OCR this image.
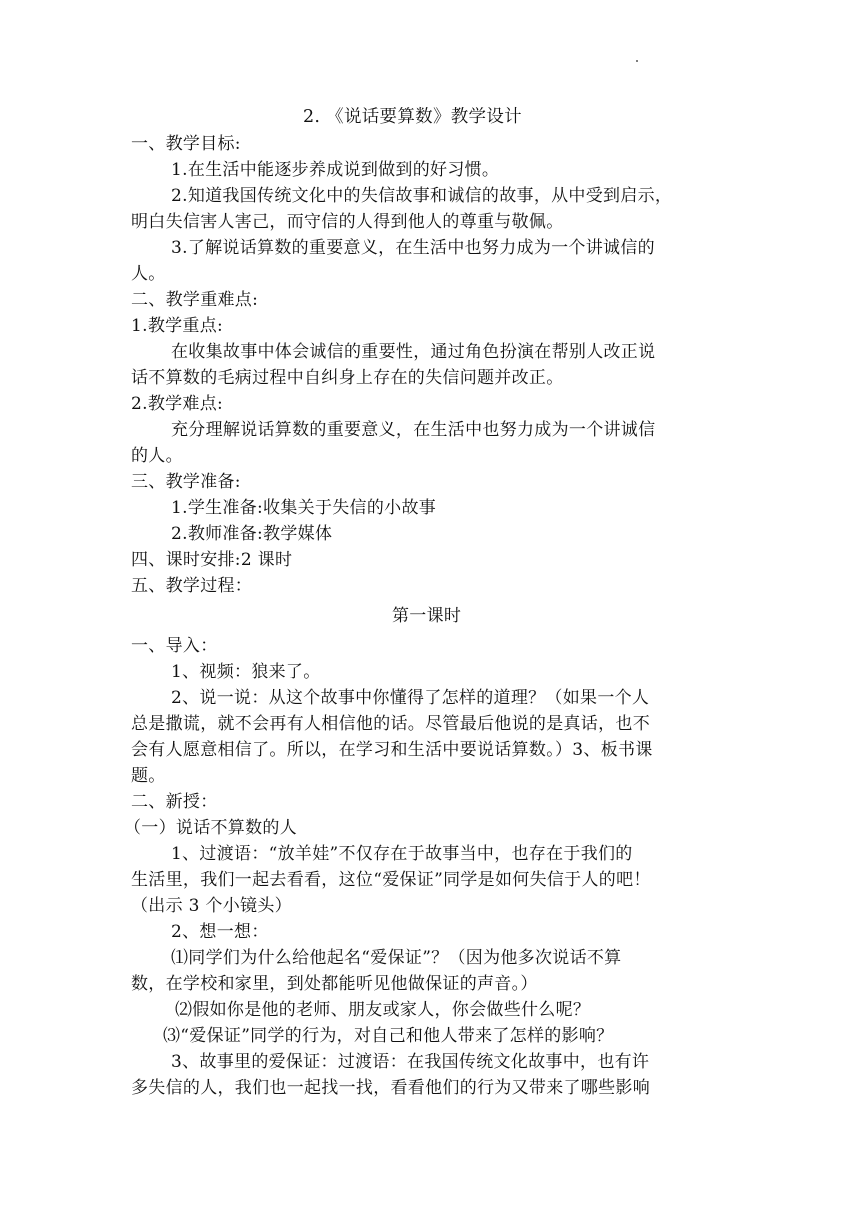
2. 《说话要算数》教学设计
一、教学目标:
1.在生活中能逐步养成说到做到的好习惯。
2.知道我国传统文化中的失信故事和诚信的故事，从中受到启示，
明白失信害人害己，而守信的人得到他人的尊重与敬佩。
3.了解说话算数的重要意义，在生活中也努力成为一个讲诚信的
人。
二、教学重难点:
1.教学重点:
在收集故事中体会诚信的重要性，通过角色扮演在帮别人改正说
话不算数的毛病过程中自纠身上存在的失信问题并改正。
2.教学难点:
充分理解说话算数的重要意义，在生活中也努力成为一个讲诚信
的人。
三、教学准备:
1.学生准备:收集关于失信的小故事
2.教师准备:教学媒体
四、课时安排:2 课时
五、教学过程：
第一课时
一、导入：
1、视频：狼来了。
2、说一说：从这个故事中你懂得了怎样的道理？（如果一个人
总是撒谎，就不会再有人相信他的话。尽管最后他说的是真话，也不
会有人愿意相信了。所以，在学习和生活中要说话算数。）3、板书课
题。
二、新授：
（一）说话不算数的人
1、过渡语：“放羊娃”不仅存在于故事当中，也存在于我们的
生活里，我们一起去看看，这位“爱保证”同学是如何失信于人的吧！
（出示 3 个小镜头）
2、想一想：
⑴同学们为什么给他起名“爱保证”？（因为他多次说话不算
数，在学校和家里，到处都能听见他做保证的声音。）
⑵假如你是他的老师、朋友或家人，你会做些什么呢？
⑶“爱保证”同学的行为，对自己和他人带来了怎样的影响？
3、故事里的爱保证：过渡语：在我国传统文化故事中，也有许
多失信的人，我们也一起找一找，看看他们的行为又带来了哪些影响
